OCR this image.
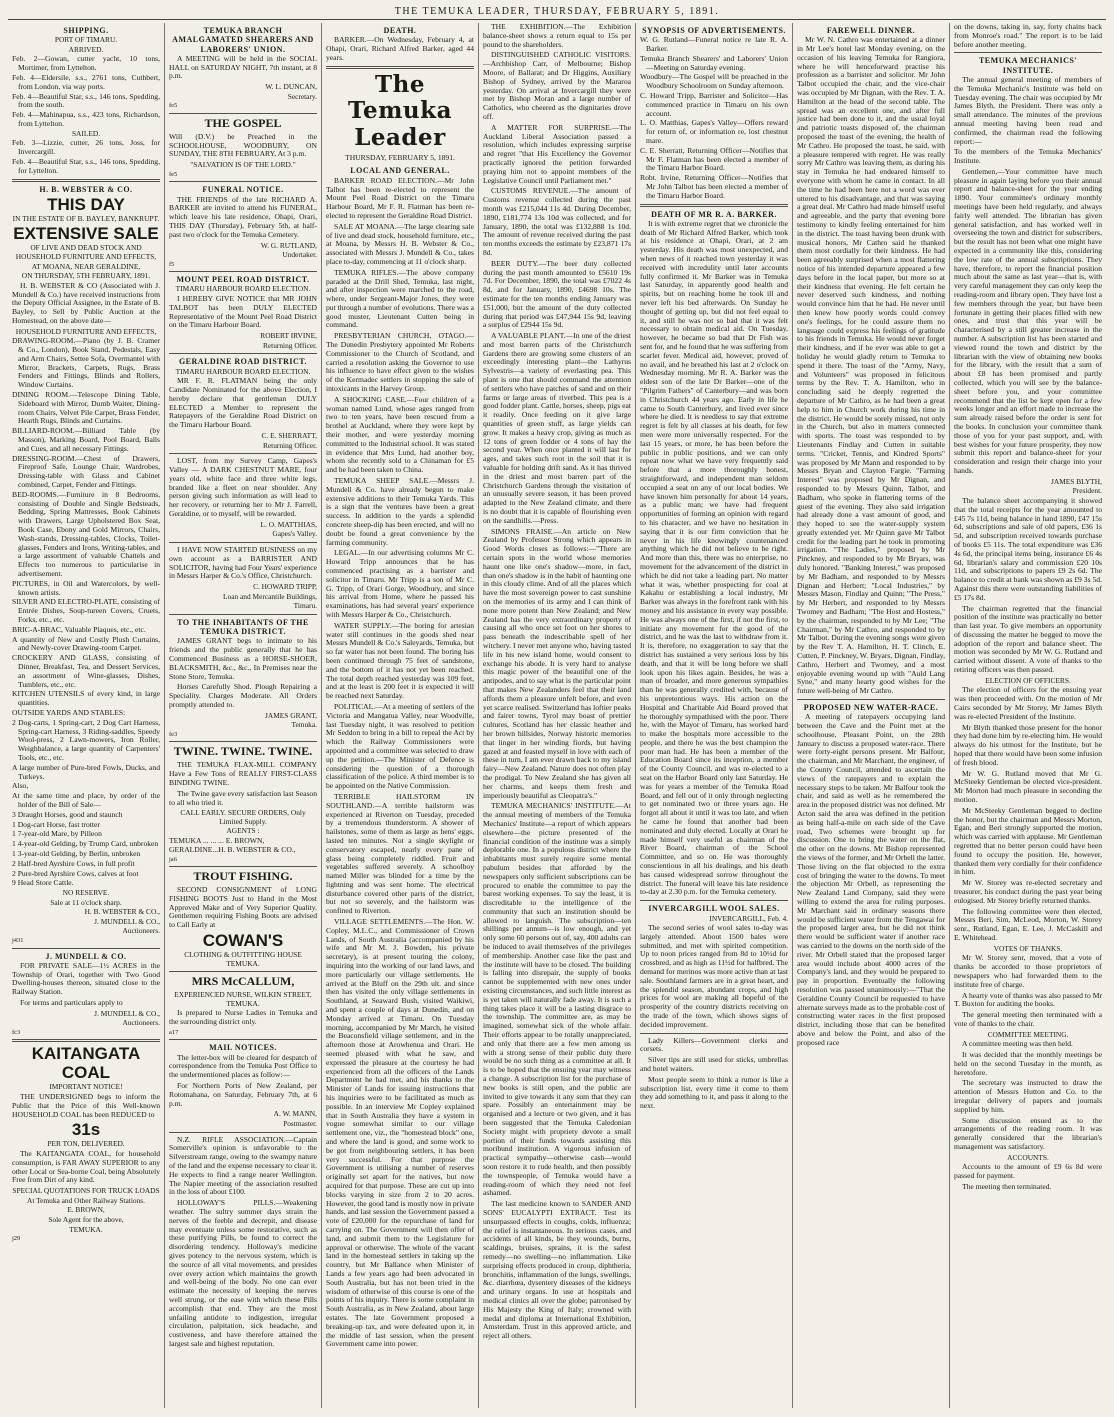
THE TEMUKA LEADER, THURSDAY, FEBRUARY 5, 1891.
SHIPPING.
PORT OF TIMARU.
ARRIVED.
Feb. 2—Gowan, cutter yacht, 10 tons, Mortimer, from Lyttelton.
Feb. 4—Eldersile, s.s., 2761 tons, Cuthbert, from London, via way ports.
Feb. 4—Beautiful Star, s.s., 146 tons, Spedding, from the south.
Feb. 4—Mahinapua, s.s., 423 tons, Richardson, from Lyttelton.
SAILED.
Feb. 3—Lizzie, cutter, 26 tons, Joss, for Invercargill.
Feb. 4—Beautiful Star, s.s., 146 tons, Spedding, for Lyttelton.
H. B. WEBSTER & CO.
THIS DAY
IN THE ESTATE OF B. BAYLEY, BANKRUPT.
EXTENSIVE SALE
OF LIVE AND DEAD STOCK AND HOUSEHOLD FURNITURE AND EFFECTS,
AT MOANA, NEAR GERALDINE,
ON THURSDAY, 5TH FEBRUARY, 1891.

H. B. WEBSTER & CO (Associated with J. Mundell & Co.) have received instructions from the Deputy Official Assignee, in the Estate of B. Bayley, to Sell by Public Auction at the Homestead, on the above date—

HOUSEHOLD FURNITURE AND EFFECTS,
DRAWING-ROOM.—Piano (by J. B. Cramer & Co., London), Book Stand, Pedestals, Easy and Arm Chairs, Settee Sofa, Overmantel with Mirror, Brackets, Carpets, Rugs, Brass Fenders and Fittings, Blinds and Rollers, Window Curtains.
DINING ROOM.—Telescope Dining Table, Sideboard with Mirror, Dumb Waiter, Dining-room Chairs, Velvet Pile Carpet, Brass Fender, Hearth Rugs, Blinds and Curtains.
BILLIARD-ROOM.—Billiard Table (by Masson), Marking Board, Pool Board, Balls and Cues, and all necessary Fittings.
DRESSING-ROOM.—Chest of Drawers, Fireproof Safe, Lounge Chair, Wardrobes, Dressing-table with Glass and Cabinet combined, Carpet, Fender and Fittings.
BED-ROOMS.—Furniture in 8 Bedrooms, consisting of Double and Single Bedsteads, Bedding, Spring Mattresses, Book Cabinets with Drawers, Large Upholstered Box Seat, Book Case, Ebony and Gold Mirrors, Chairs, Wash-stands, Dressing-tables, Clocks, Toilet-glasses, Fenders and Irons, Writing-tables, and a large assortment of valuable Chattels and Effects too numerous to particularise in advertisement.
PICTURES, in Oil and Watercolors, by well-known artists.
SILVER AND ELECTRO-PLATE, consisting of Entrée Dishes, Soup-tureen Covers, Cruets, Forks, etc., etc.
BRIC-A-BRAC, Valuable Plaques, etc., etc.
A quantity of New and Costly Plush Curtains, and Newly-cover Drawing-room Carpet.
CROCKERY AND GLASS, consisting of Dinner, Breakfast, Tea, and Dessert Services, an assortment of Wine-glasses, Dishes, Tumblers, etc., etc.
KITCHEN UTENSILS of every kind, in large quantities.
OUTSIDE YARDS AND STABLES:
2 Dog-carts, 1 Spring-cart, 2 Dog Cart Harness, Spring-cart Harness, 3 Riding-saddles, Speedy Wool-press, 2 Lawn-mowers, Iron Roller, Weighbalance, a large quantity of Carpenters' Tools, etc., etc.
A large number of Pure-bred Fowls, Ducks, and Turkeys.
Also,
At the same time and place, by order of the holder of the Bill of Sale—
3 Draught Horses, good and staunch
1 Dog-cart Horse, fast trotter
1 7-year-old Mare, by Pilleon
1 4-year-old Gelding, by Trump Card, unbroken
1 3-year-old Gelding, by Berlin, unbroken
2 Half-bred Ayrshire Cows, in full profit
2 Pure-bred Ayrshire Cows, calves at foot
9 Head Store Cattle.
NO RESERVE.
Sale at 11 o'clock sharp.
H. B. WEBSTER & CO.,
J. MUNDELL & CO.,
Auctioneers.
j431
J. MUNDELL & CO.

FOR PRIVATE SALE—1½ ACRES in the Township of Orari, together with Two Good Dwelling-houses thereon, situated close to the Railway Station.

For terms and particulars apply to

J. MUNDELL & CO.,
Auctioneers.
fc3
KAITANGATA
COAL
IMPORTANT NOTICE!

THE UNDERSIGNED begs to inform the Public that the Price of this Well-known HOUSEHOLD COAL has been REDUCED to

31s
PER TON, DELIVERED.

The KAITANGATA COAL, for household consumption, is FAR AWAY SUPERIOR to any other Local or Sea-borne Coal, being Absolutely Free from Dirt of any kind.

SPECIAL QUOTATIONS FOR TRUCK LOADS
At Temuka and Other Railway Stations.
E. BROWN,
Sole Agent for the above,
TEMUKA.
j29
TEMUKA BRANCH AMALGAMATED SHEARERS AND LABORERS' UNION.

A MEETING will be held in the SOCIAL HALL on SATURDAY NIGHT, 7th instant, at 8 p.m.

W. L. DUNCAN,
Secretary.
fe5
THE GOSPEL

Will (D.V.) be Preached in the SCHOOLHOUSE, WOODBURY, ON SUNDAY, THE 8TH FEBRUARY, At 3 p.m.

"SALVATION IS OF THE LORD."
fe5
FUNERAL NOTICE.

THE FRIENDS of the late RICHARD A. BARKER are invited to attend his FUNERAL, which leave his late residence, Ohapi, Orari, THIS DAY (Thursday), February 5th, at half-past two o'clock for the Temuka Cemetery.

W. G. RUTLAND,
Undertaker.
f5
MOUNT PEEL ROAD DISTRICT.
TIMARU HARBOUR BOARD ELECTION.

I HEREBY GIVE NOTICE that MR JOHN TALBOT has been DULY ELECTED Representative of the Mount Peel Road District on the Timaru Harbour Board.

ROBERT IRVINE,
Returning Officer.
GERALDINE ROAD DISTRICT.
TIMARU HARBOUR BOARD ELECTION.

MR F. R. FLATMAN being the only Candidate Nominated for the above Election, I hereby declare that gentleman DULY ELECTED a Member to represent the Ratepayers of the Geraldine Road District on the Timaru Harbour Board.

C. E. SHERRATT,
Returning Officer.

LOST, from my Survey Camp, Gapes's Valley — A DARK CHESTNUT MARE, four years old, white face and three white legs, branded like a fleet on near shoulder. Any person giving such information as will lead to her recovery, or returning her to Mr J. Farrell, Geraldine, or to myself, will be rewarded.

L. O. MATTHIAS,
Gapes's Valley.

I HAVE NOW STARTED BUSINESS on my own account as a BARRISTER AND SOLICITOR, having had Four Years' experience in Messrs Harper & Co.'s Office, Christchurch.

C. HOWARD TRIPP,
Loan and Mercantile Buildings,
Timaru.
TO THE INHABITANTS OF THE TEMUKA DISTRICT.

JAMES GRANT begs to intimate to his friends and the public generally that he has Commenced Business as a HORSE-SHOER, BLACKSMITH, &c., &c., In Premises near the Stone Store, Temuka.

Horses Carefully Shod. Plough Repairing a Speciality. Charges Moderate. All Orders promptly attended to.

JAMES GRANT,
Temuka.
fe3
TWINE. TWINE. TWINE.

THE TEMUKA FLAX-MILL COMPANY Have a Few Tons of REALLY FIRST-CLASS BINDING TWINE.

The Twine gave every satisfaction last Season to all who tried it.

CALL EARLY. SECURE ORDERS, Only Limited Supply.
AGENTS :
TEMUKA ... ... ... E. BROWN,
GERALDINE...H. B. WEBSTER & CO.,
ja6
TROUT FISHING.

SECOND CONSIGNMENT of LONG FISHING BOOTS Just to Hand in the Most Approved Make and of Very Superior Quality. Gentlemen requiring Fishing Boots are advised to Call Early at

COWAN'S
CLOTHING & OUTFITTING HOUSE TEMUKA.
MRS McCALLUM,
EXPERIENCED NURSE, WILKIN STREET, TEMUKA.

Is prepared to Nurse Ladies in Temuka and the surrounding district only.

a17
MAIL NOTICES.

The letter-box will be cleared for despatch of correspondence from the Temuka Post Office to the undermentioned places as follow:—

For Northern Ports of New Zealand, per Rotomahana, on Saturday, February 7th, at 6 p.m.

A. W. MANN,
Postmaster.

N.Z. RIFLE ASSOCIATION.—Captain Somerville's opinion is unfavorable to the Silverstream range, owing to the swampy nature of the land and the expense necessary to clear it. He expects to find a range nearer Wellington. The Napier meeting of the association resulted in the loss of about £100.

HOLLOWAY'S PILLS.—Weakening weather. The sultry summer days strain the nerves of the feeble and decrepit, and disease may eventuate unless some restorative, such as these purifying Pills, be found to correct the disordering tendency. Holloway's medicine gives potency to the nervous system, which is the source of all vital movements, and presides over every action which maintains the growth and well-being of the body. No one can ever estimate the necessity of keeping the nerves well strung, or the ease with which these Pills accomplish that end. They are the most unfailing antidote to indigestion, irregular circulation, palpitation, sick headache, and costiveness, and have therefore attained the largest sale and highest reputation.

DEATH.

BARKER.—On Wednesday, February 4, at Ohapi, Orari, Richard Alfred Barker, aged 44 years.

The Temuka Leader
THURSDAY, FEBRUARY 5, 1891.
LOCAL AND GENERAL.

BARKER ROAD ELECTION.—Mr John Talbot has been re-elected to represent the Mount Peel Road District on the Timaru Harbour Board, Mr F. R. Flatman has been re-elected to represent the Geraldine Road District.

SALE AT MOANA.—The large clearing sale of live and dead stock, household furniture, etc., at Moana, by Messrs H. B. Webster & Co., associated with Messrs J. Mundell & Co., takes place to-day, commencing at 11 o'clock sharp.

TEMUKA RIFLES.—The above company paraded at the Drill Shed, Temuka, last night, and after inspection were marched to the road, where, under Sergeant-Major Jones, they were put through a number of evolutions. There was a good muster, Lieutenant Cutten being in command.

PRESBYTERIAN CHURCH, OTAGO.—The Dunedin Presbytery appointed Mr Roberts Commissioner to the Church of Scotland, and carried a resolution asking the Governor to use his influence to have effect given to the wishes of the Kermadec settlers in stopping the sale of intoxicants in the Harvey Group.

A SHOCKING CASE.—Four children of a woman named Lund, whose ages ranged from two to ten years, have been rescued from a brothel at Auckland, where they were kept by their mother, and were yesterday morning committed to the Industrial school. It was stated in evidence that Mrs Lund, had another boy, whom she recently sold to a Chinaman for £5 and he had been taken to China.

TEMUKA SHEEP SALE.—Messrs J. Mundell & Co. have already begun to make extensive additions to their Temuka Yards. This is a sign that the ventures have been a great success. In addition to the yards a splendid concrete sheep-dip has been erected, and will no doubt be found a great convenience by the farming community.

LEGAL.—In our advertising columns Mr C. Howard Tripp announces that he has commenced practising as a barrister and solicitor in Timaru. Mr Tripp is a son of Mr C. G. Tripp, of Orari Gorge, Woodbury, and since his arrival from Home, where he passed his examinations, has had several years' experience with Messrs Harper & Co., Christchurch.

WATER SUPPLY.—The boring for artesian water still continues in the goods shed near Messrs Mundell & Co.'s Saleyards, Temuka, but so far water has not been found. The boring has been continued through 75 feet of sandstone, and the bottom of it has not yet been reached. The total depth reached yesterday was 109 feet, and at the least is 200 feet it is expected it will be reached next Saturday.

POLITICAL.—At a meeting of settlers of the Victoria and Mangatua Valley, near Woodville, last Tuesday night, it was resolved to petition Mr Seddon to bring in a bill to repeal the Act by which the Railway Commissioners were appointed and a committee was selected to draw up the petition.—The Minister of Defence is considering the question of a thorough classification of the police. A third member is to be appointed on the Native Commission.

TERRIBLE HAILSTORM IN SOUTHLAND.—A terrible hailstorm was experienced at Riverton on Tuesday, preceded by a tremendous thunderstorm. A shower of hailstones, some of them as large as hens' eggs, lasted ten minutes. Not a single skylight or conservatory escaped, nearly every pane of glass being completely riddled. Fruit and vegetables suffered severely. A schoolboy named Miller was blinded for a time by the lightning and was sent home. The electrical disturbance covered other parts of the district, but not so severely, and the hailstorm was confined to Riverton.

VILLAGE SETTLEMENTS.—The Hon. W. Copley, M.L.C., and Commissioner of Crown Lands, of South Australia (accompanied by his wife and Mr M. J. Bowden, his private secretary), is at present touring the colony, inquiring into the working of our land laws, and more particularly our village settlements. He arrived at the Bluff on the 29th ult. and since then has visited the only village settlements in Southland, at Seaward Bush, visited Waikiwi, and spent a couple of days at Dunedin, and on Monday arrived at Timaru. On Tuesday morning, accompanied by Mr March, he visited the Beaconsfield village settlement, and in the afternoon those at Arowhenua and Orari. He seemed pleased with what he saw, and expressed the pleasure at the courtesy he had experienced from all the officers of the Lands Department he had met, and his thanks to the Minister of Lands for issuing instructions that his inquiries were to be facilitated as much as possible. In an interview Mr Copley explained that in South Australia they have a system in vogue somewhat similar to our village settlement one, viz., the "homestead block" one, and where the land is good, and some work to be got from neighbouring settlers, it has been very successful. For that purpose the Government is utilising a number of reserves originally set apart for the natives, but now acquired for that purpose. These are cut up into blocks varying in size from 2 to 20 acres. However, the good land is mostly now in private hands, and last session the Government passed a vote of £20,000 for the repurchase of land for carrying on. The Government will then offer of land, and submit them to the Legislature for approval or otherwise. The whole of the vacant land in the homestead settlers in taking up the country, but Mr Ballance when Minister of Lands a few years ago had been advocated in South Australia, but has not been tried in the wisdom of otherwise of this course is one of the points of his inquiry. There is some complaint in South Australia, as in New Zealand, about large estates. The late Government proposed a breaking-up tax, and were defeated upon it, in the middle of last session, when the present Government came into power.

THE EXHIBITION.—The Exhibition balance-sheet shows a return equal to 15s per pound to the shareholders.

DISTINGUISHED CATHOLIC VISITORS.—Archbishop Carr, of Melbourne; Bishop Moore, of Ballarat; and Dr Higgins, Auxiliary Bishop of Sydney, arrived by the Mararoa yesterday. On arrival at Invercargill they were met by Bishop Moran and a large number of Catholics, who cheered as the dignitaries drove off.

A MATTER FOR SURPRISE.—The Auckland Liberal Association passed a resolution, which includes expressing surprise and regret "that His Excellency the Governor practically ignored the petition forwarded praying him not to appoint members of the Legislative Council until Parliament met."

CUSTOMS REVENUE.—The amount of Customs revenue collected during the past month was £215,044 11s 4d. During December, 1890, £181,774 13s 10d was collected, and for January, 1890, the total was £132,888 1s 10d. The amount of revenue received during the past ten months exceeds the estimate by £23,871 17s 8d.

BEER DUTY.—The beer duty collected during the past month amounted to £5610 19s 7d. For December, 1890, the total was £7022 4s 8d, and for January, 1890, £4698 10s. The estimate for the ten months ending January was £51,000, but the amount of the duty collected during that period was £47,944 15s 9d, leaving a surplus of £2944 15s 9d.

A VALUABLE PLANT.—In one of the driest and most barren parts of the Christchurch Gardens there are growing some clusters of an exceedingly interesting plant—the Lathyrus Sylvestris—a variety of everlasting pea. This plant is one that should command the attention of settlers who have patches of sand and on their farms or large areas of riverbed. This pea is a good fodder plant. Cattle, horses, sheep, pigs eat it readily. Once feeding on it give large quantities of green stuff, as large yields can grow. It makes a heavy crop, giving as much as 12 tons of green fodder or 4 tons of hay the second year. When once planted it will last for ages, and takes such root in the soil that it is valuable for holding drift sand. As it has thrived in the driest and most barren part of the Christchurch Gardens through the visitation of an unusually severe season, it has been proved adapted to the New Zealand climate, and there is no doubt that it is capable of flourishing even on the sandhills.—Press.

SIMONS FRAISE.—An article on New Zealand by Professor Strong which appears in Good Words closes as follows:—"There are certain spots in the world whose memories haunt one like one's shadow—more, in fact, than one's shadow is in the habit of haunting one in this cloudy clime. And of all the places which have the most sovereign power to cast sunshine on the memories of its army and I can think of none more potent than New Zealand; and New Zealand has the very extraordinary property of causing all who once set foot on her shores to pass beneath the indescribable spell of her witchery. I never met anyone who, having tasted life in his new island home, would consent to exchange his abode. It is very hard to analyse this magic power of the beautiful one of the antipodes, and to say what is the particular point that makes New Zealanders feel that their land affords them a pleasure unfelt before, and even yet scarce realised. Switzerland has loftier peaks and fairer towns, Tyrol may boast of prettier cultures, Scotland has her classic heather and her brown hillsides, Norway historic memories that linger in her winding fiords, but having gazed at and feasted myself in love with each of these in turn, I am ever drawn back to my island fairy—New Zealand. Nature does not often play the prodigal. To New Zealand she has given all her charms, and keeps them fresh and imperiously beautiful as Cleopatra's."

TEMUKA MECHANICS' INSTITUTE.—At the annual meeting of members of the Temuka Mechanics' Institute—a report of which appears elsewhere—the picture presented of the financial condition of the institute was a simply deplorable one. In a populous district where the inhabitants must surely require some mental pabulum besides that afforded by the newspapers only sufficient subscriptions can be procured to enable the committee to pay the barest working expenses. To say the least, it is discreditable to the intelligence of the community that such an institution should be allowed to languish. The subscription—ten shillings per annum—is low enough, and yet only some 60 persons out of, say, 400 adults can be induced to avail themselves of the privileges of membership. Another case like the past and the institute will have to be closed. The building is falling into disrepair, the supply of books cannot be supplemented with new ones under existing circumstances, and such little interest as is yet taken will naturally fade away. It is such a thing takes place it will be a lasting disgrace to the township. The committee are, as may be imagined, somewhat sick of the whole affair. Their efforts appear to be totally unappreciated, and only that there are a few men among us with a strong sense of their public duty there would be no such thing as a committee at all. It is to be hoped that the ensuing year may witness a change. A subscription list for the purchase of new books is still open, and the public are invited to give towards it any sum that they can spare. Possibly an entertainment may be organised and a lecture or two given, and it has been suggested that the Temuka Caledonian Society might with propriety devote a small portion of their funds towards assisting this moribund institution. A vigorous infusion of practical sympathy—otherwise cash—would soon restore it to rude health, and then possibly the townspeople, of Temuka would have a reading-room of which they need not feel ashamed.

The last medicine known to SANDER AND SONS' EUCALYPTI EXTRACT. Test its unsurpassed effects in coughs, colds, influenza; the relief is instantaneous. In serious cases, and accidents of all kinds, be they wounds, burns, scaldings, bruises, sprains, it is the safest remedy—no swelling—no inflammation. Like surprising effects produced in croup, diphtheria, bronchitis, inflammation of the lungs, swellings, &c. diarrhœa, dysentery diseases of the kidneys and urinary organs. In use at hospitals and medical clinics all over the globe; patronised by His Majesty the King of Italy; crowned with medal and diploma at International Exhibition, Amsterdam. Trust in this approved article, and reject all others.

SYNOPSIS OF ADVERTISEMENTS.
W. G. Rutland—Funeral notice re late R. A. Barker.
Temuka Branch Shearers' and Laborers' Union—Meeting on Saturday evening.
Woodbury—The Gospel will be preached in the Woodbury Schoolroom on Sunday afternoon.
C. Howard Tripp, Barrister and Solicitor—Has commenced practice in Timaru on his own account.
L. O. Matthias, Gapes's Valley—Offers reward for return of, or information re, lost chestnut mare.
C. E. Sherratt, Returning Officer—Notifies that Mr F. Flatman has been elected a member of the Timaru Harbor Board.
Robt. Irvine, Returning Officer—Notifies that Mr John Talbot has been elected a member of the Timaru Harbor Board.
DEATH OF MR R. A. BARKER.

It is with extreme regret that we chronicle the death of Mr Richard Alfred Barker, which took at his residence at Ohapi, Orari, at 2 am yesterday. His death was most unexpected, and when news of it reached town yesterday it was received with incredulity until later accounts fully confirmed it. Mr Barker was in Temuka last Saturday, in apparently good health and spirits, but on reaching home he took ill and never left his bed afterwards. On Sunday he thought of getting up, but did not feel equal to it, and still he was not so bad that it was felt necessary to obtain medical aid. On Tuesday, however, he became so bad that Dr Fish was sent for, and he found that he was suffering from scarlet fever. Medical aid, however, proved of no avail, and he breathed his last at 2 o'clock on Wednesday morning. Mr R. A. Barker was the eldest son of the late Dr Barker—one of the "Pilgrim Fathers" of Canterbury—and was born in Christchurch 44 years ago. Early in life he came to South Canterbury, and lived ever since where he died. It is needless to say that extreme regret is felt by all classes at his death, for few men were more universally respected. For the last 15 years, or more, he has been before the public in public positions, and we can only repeat now what we have very frequently said before that a more thoroughly honest, straightforward, and independent man seldom occupied a seat on any of our local bodies. We have known him personally for about 14 years, as a public man; we have had frequent opportunities of forming an opinion with regard to his character, and we have no hesitation in saying that it is our firm conviction that he never in his life knowingly countenanced anything which he did not believe to be right. And more than this, there was no enterprise, no movement for the advancement of the district in which he did not take a leading part. No matter what it was, whether prospecting for coal at Kakahu or establishing a local industry, Mr Barker was always in the forefront rank with his money and his assistance in every way possible. He was always one of the first, if not the first, to initiate any movement for the good of the district, and he was the last to withdraw from it. It is, therefore, no exaggeration to say that the district has sustained a very serious loss by his death, and that it will be long before we shall look upon his likes again. Besides, he was a man of broader, and more generous sympathies than he was generally credited with, because of his unpretentious ways. His action on the Hospital and Charitable Aid Board proved that he thoroughly sympathised with the poor. There he, with the Mayor of Timaru, has worked hard to make the hospitals more accessible to the people, and there he was the best champion the poor man had. He has been a member of the Education Board since its inception, a member of the County Council, and was re-elected to a seat on the Harbor Board only last Saturday. He was for years a member of the Temuka Road Board, and fell out of it only through neglecting to get nominated two or three years ago. He forgot all about it until it was too late, and when he came he found that another had been nominated and duly elected. Locally at Orari he made himself very useful as chairman of the River Board, chairman of the School Committee, and so on. He was thoroughly conscientious in all his dealings, and his death has caused widespread sorrow throughout the district. The funeral will leave his late residence to-day at 2.30 p.m. for the Temuka cemetery.

INVERCARGILL WOOL SALES.
INVERCARGILL, Feb. 4.

The second series of wool sales to-day was largely attended. About 1500 bales were submitted, and met with spirited competition. Up to noon prices ranged from 8d to 10½d for crossbred, and as high as 11½d for halfbred. The demand for merinos was more active than at last sale. Southland farmers are in a great heart, and the splendid season, abundant crops, and high prices for wool are making all hopeful of the prosperity of the country districts receiving on the trade of the town, which shows signs of decided improvement.

Lady Killers—Government clerks and corsets.

Silver tips are still used for sticks, umbrellas and hotel waiters.

Most people seem to think a rumor is like a subscription list, every time it come to them they add something to it, and pass it along to the next.

FAREWELL DINNER.

Mr W. N. Cathro was entertained at a dinner in Mr Lee's hotel last Monday evening, on the occasion of his leaving Temuka for Rangiora, where he will henceforward practise his profession as a barrister and solicitor. Mr John Talbot occupied the chair, and the vice-chair was occupied by Mr Dignan, with the Rev. T. A. Hamilton at the head of the second table. The spread was an excellent one, and after full justice had been done to it, and the usual loyal and patriotic toasts disposed of, the chairman proposed the toast of the evening, the health of Mr Cathro. He proposed the toast, he said, with a pleasure tempered with regret. He was really sorry Mr Cathro was leaving them, as during his stay in Temuka he had endeared himself to everyone with whom he came in contact. In all the time he had been here not a word was ever uttered to his disadvantage, and that was saying a great deal. Mr Cathro had made himself useful and agreeable, and the party that evening bore testimony to kindly feeling entertained for him in the district. The toast having been drunk with musical honors, Mr Cathro said he thanked them most cordially for their kindness. He had been agreeably surprised when a most flattering notice of his intended departure appeared a few days before in the local paper, but more so at their kindness that evening. He felt certain he never deserved such kindness, and nothing would convince him that he had. He never until then knew how poorly words could convey one's feelings, for he could assure them no language could express his feelings of gratitude to his friends in Temuka. He would never forget their kindness, and if he ever was able to get a holiday he would gladly return to Temuka to spend it there. The toast of the "Army, Navy, and Volunteers" was proposed in felicitous terms by the Rev. T. A. Hamilton, who in concluding said he deeply regretted the departure of Mr Cathro, as he had been a great help to him in Church work during his time in the district. He would be sorely missed, not only in the Church, but also in matters connected with sports. The toast was responded to by Lieutenants Findlay and Cutten in suitable terms. "Cricket, Tennis, and Kindred Sports" was proposed by Mr Mann and responded to by Messrs Bryan and Clayton Fargie. "Farming Interest" was proposed by Mr Dignan, and responded to by Messrs Quinn, Talbot, and Badham, who spoke in flattering terms of the guest of the evening. They also said irrigation had already done a vast amount of good, and they hoped to see the water-supply system greatly extended yet. Mr Quinn gave Mr Talbot credit for the leading part he took in promoting irrigation. "The Ladies," proposed by Mr Pinckney, and responded to by Mr Bryars, was duly honored. "Banking Interest," was proposed by Mr Badham, and responded to by Messrs Dignan and Herbert; "Local Industries," by Messrs Mason, Findlay and Quinn; "The Press," by Mr Herbert, and responded to by Messrs Twomey and Badham; "The Host and Hostess," by the chairman, responded to by Mr Lee; "The Chairman," by Mr Cathro, and responded to by Mr Talbot. During the evening songs were given by the Rev T. A. Hamilton, H. T. Clinch, E. Cutten, P. Pinckney, W. Bryars, Dignan, Findlay, Cathro, Herbert and Twomey, and a most enjoyable evening wound up with "Auld Lang Syne," and many hearty good wishes for the future well-being of Mr Cathro.

PROPOSED NEW WATER-RACE.

A meeting of ratepayers occupying land between the Cave and the Point met at the schoolhouse, Pleasant Point, on the 28th January to discuss a proposed water-race. There were forty-eight persons present. Mr Balfour, the chairman, and Mr Marchant, the engineer, of the County Council, attended to ascertain the views of the ratepayers and to explain the necessary steps to be taken. Mr Balfour took the chair, and said as well as he remembered the area in the proposed district was not defined. Mr Acton said the area was defined in the petition as being half-a-mile on each side of the Cave road, Two schemes were brought up for discussion. One to bring the water on the flat, the other on the downs. Mr Bishop represented the views of the former, and Mr Orbell the latter. Those living on the flat objected to the extra cost of bringing the water to the downs. To meet the objection Mr Orbell, as representing the New Zealand Land Company, said they were willing to extend the area for ruling purposes. Mr Marchant said in ordinary seasons there would be sufficient water from the Tengawai for the proposed larger area, but he did not think there would be sufficient water if another race was carried to the downs on the north side of the river. Mr Orbell stated that the proposed larger area would include about 4000 acres of the Company's land, and they would be prepared to pay in proportion. Eventually the following resolution was passed unanimously:—"That the Geraldine County Council be requested to have alternate surveys made as to the probable cost of constructing water races in the first proposed district, including those that can be benefited above and below the Point, and also of the proposed race

on the downs, taking in, say, forty chains back from Monroe's road." The report is to be laid before another meeting.

TEMUKA MECHANICS' INSTITUTE.

The annual general meeting of members of the Temuka Mechanic's Institute was held on Tuesday evening. The chair was occupied by Mr James Blyth, the President. There was only a small attendance. The minutes of the previous annual meeting having been read and confirmed, the chairman read the following report:—

To the members of the Temuka Mechanics' Institute.

Gentlemen,—Your committee have much pleasure in again laying before you their annual report and balance-sheet for the year ending 1890. Your committee's ordinary monthly meetings have been held regularly, and always fairly well attended. The librarian has given general satisfaction, and has worked well in overseeing the town and district for subscribers, but the result has not been what one might have expected in a community like this, considering the low rate of the annual subscriptions. They have, therefore, to report the financial position much about the same as last year—that is, with very careful management they can only keep the reading-room and library open. They have lost a few members through the year, but have been fortunate in getting their places filled with new ones, and trust that this year will be characterised by a still greater increase in the number. A subscription list has been started and viewed round the town and district by the librarian with the view of obtaining new books for the library, with the result that a sum of about £8 has been promised and partly collected, which you will see by the balance-sheet before you, and your committee recommend that the list be kept open for a few weeks longer and an effort made to increase the sum already raised before the order is sent for the books. In conclusion your committee thank those of you for your past support, and, with best wishes for your future prosperity, they now submit this report and balance-sheet for your consideration and resign their charge into your hands.

JAMES BLYTH,
President.

The balance sheet accompanying it showed that the total receipts for the year amounted to £45 7s 11d, being balance in hand 1890, £47 15s 6d, subscriptions and sale of old papers, £36 1s 5d, and subscription received towards purchase of books £5 11s. The total expenditure was £36 4s 6d, the principal items being, insurance £6 4s 6d, librarian's salary and commission £20 10s 11d, and subscriptions to papers £9 2s 6d. The balance to credit at bank was shown as £9 3s 5d. Against this there were outstanding liabilities of £5 17s 8d.

The chairman regretted that the financial position of the institute was practically no better than last year. To give members an opportunity of discussing the matter he begged to move the adoption of the report and balance sheet. The motion was seconded by Mr W. G. Rutland and carried without dissent. A vote of thanks to the retiring officers was then passed.

ELECTION OF OFFICERS.

The election of officers for the ensuing year was then proceeded with. On the motion of Mr Cairs seconded by Mr Storey, Mr James Blyth was re-elected President of the Institute.

Mr Blyth thanked those present for the honor they had done him by re-electing him. He would always do his utmost for the Institute, but he hoped that there would have been some infusion of fresh blood.

Mr W. G. Rutland moved that Mr G. McSteeky Gentleman be elected vice-president. Mr Morton had much pleasure in seconding the motion.

Mr McSteeky Gentleman begged to decline the honor, but the chairman and Messrs Morton, Egan, and Beri strongly supported the motion, which was carried with applause. Mr Gentleman regretted that no better person could have been found to occupy the position. He, however, thanked them very cordially for their confidence in him.

Mr W. Storey was re-elected secretary and treasurer, his conduct during the past year being eulogised. Mr Storey briefly returned thanks.

The following committee were then elected, Messrs Beri, Sim, McLeod, Morton, W. Storey senr., Rutland, Egan, E. Lee, J. McCaskill and E. Whitehead.

VOTES OF THANKS.

Mr W. Storey senr, moved, that a vote of thanks be accorded to those proprietors of newspapers who had forwarded them to the institute free of charge.

A hearty vote of thanks was also passed to Mr T. Buxton for auditing the books.

The general meeting then terminated with a vote of thanks to the chair.

COMMITTEE MEETING.

A committee meeting was then held.

It was decided that the monthly meetings be held on the second Tuesday in the month, as heretofore.

The secretary was instructed to draw the attention of Messrs Hutton and Co. to the irregular delivery of papers and journals supplied by him.

Some discussion ensued as to the arrangements of the reading room. It was generally considered that the librarian's management was satisfactory.

ACCOUNTS.

Accounts to the amount of £9 6s 8d were passed for payment.

The meeting then terminated.
